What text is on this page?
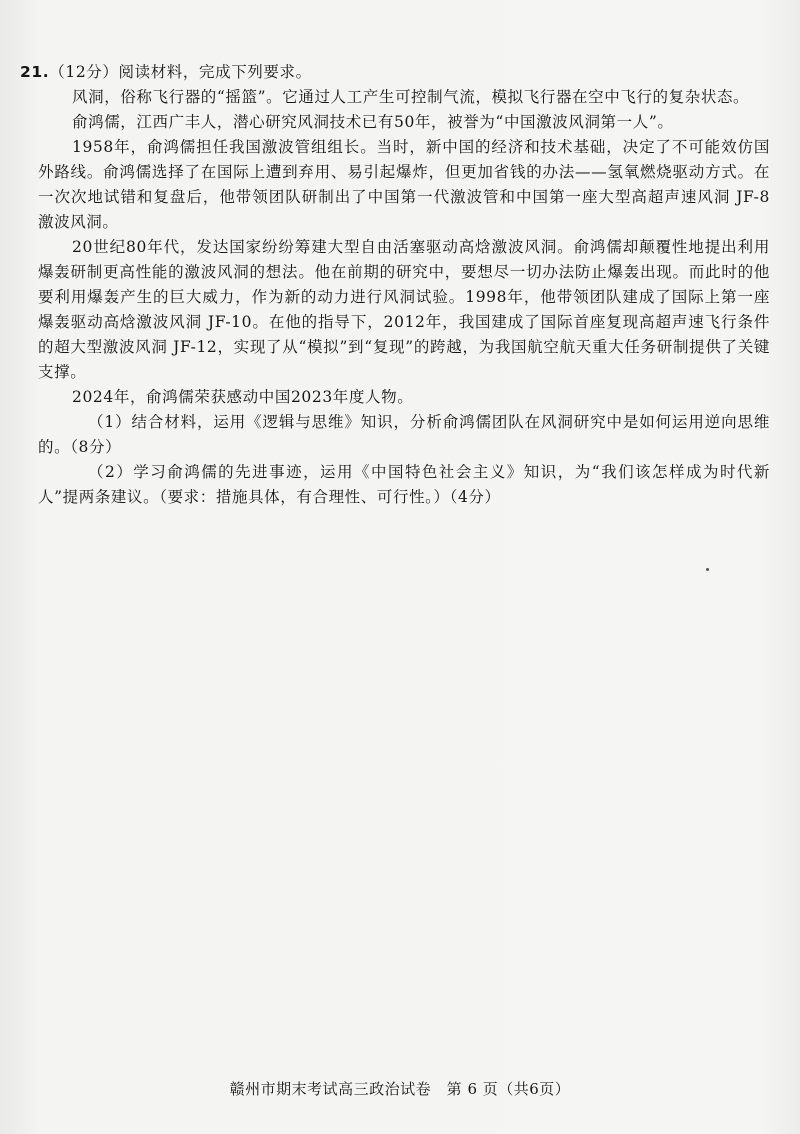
21.（12分）阅读材料，完成下列要求。

风洞，俗称飞行器的“摇篮”。它通过人工产生可控制气流，模拟飞行器在空中飞行的复杂状态。

俞鸿儒，江西广丰人，潜心研究风洞技术已有50年，被誉为“中国激波风洞第一人”。

1958年，俞鸿儒担任我国激波管组组长。当时，新中国的经济和技术基础，决定了不可能效仿国外路线。俞鸿儒选择了在国际上遭到弃用、易引起爆炸，但更加省钱的办法——氢氧燃烧驱动方式。在一次次地试错和复盘后，他带领团队研制出了中国第一代激波管和中国第一座大型高超声速风洞 JF-8 激波风洞。

20世纪80年代，发达国家纷纷筹建大型自由活塞驱动高焓激波风洞。俞鸿儒却颠覆性地提出利用爆轰研制更高性能的激波风洞的想法。他在前期的研究中，要想尽一切办法防止爆轰出现。而此时的他要利用爆轰产生的巨大威力，作为新的动力进行风洞试验。1998年，他带领团队建成了国际上第一座爆轰驱动高焓激波风洞 JF-10。在他的指导下，2012年，我国建成了国际首座复现高超声速飞行条件的超大型激波风洞 JF-12，实现了从“模拟”到“复现”的跨越，为我国航空航天重大任务研制提供了关键支撑。

2024年，俞鸿儒荣获感动中国2023年度人物。

（1）结合材料，运用《逻辑与思维》知识，分析俞鸿儒团队在风洞研究中是如何运用逆向思维的。（8分）

（2）学习俞鸿儒的先进事迹，运用《中国特色社会主义》知识，为“我们该怎样成为时代新人”提两条建议。（要求：措施具体，有合理性、可行性。）（4分）

赣州市期末考试高三政治试卷　第 6 页（共6页）
